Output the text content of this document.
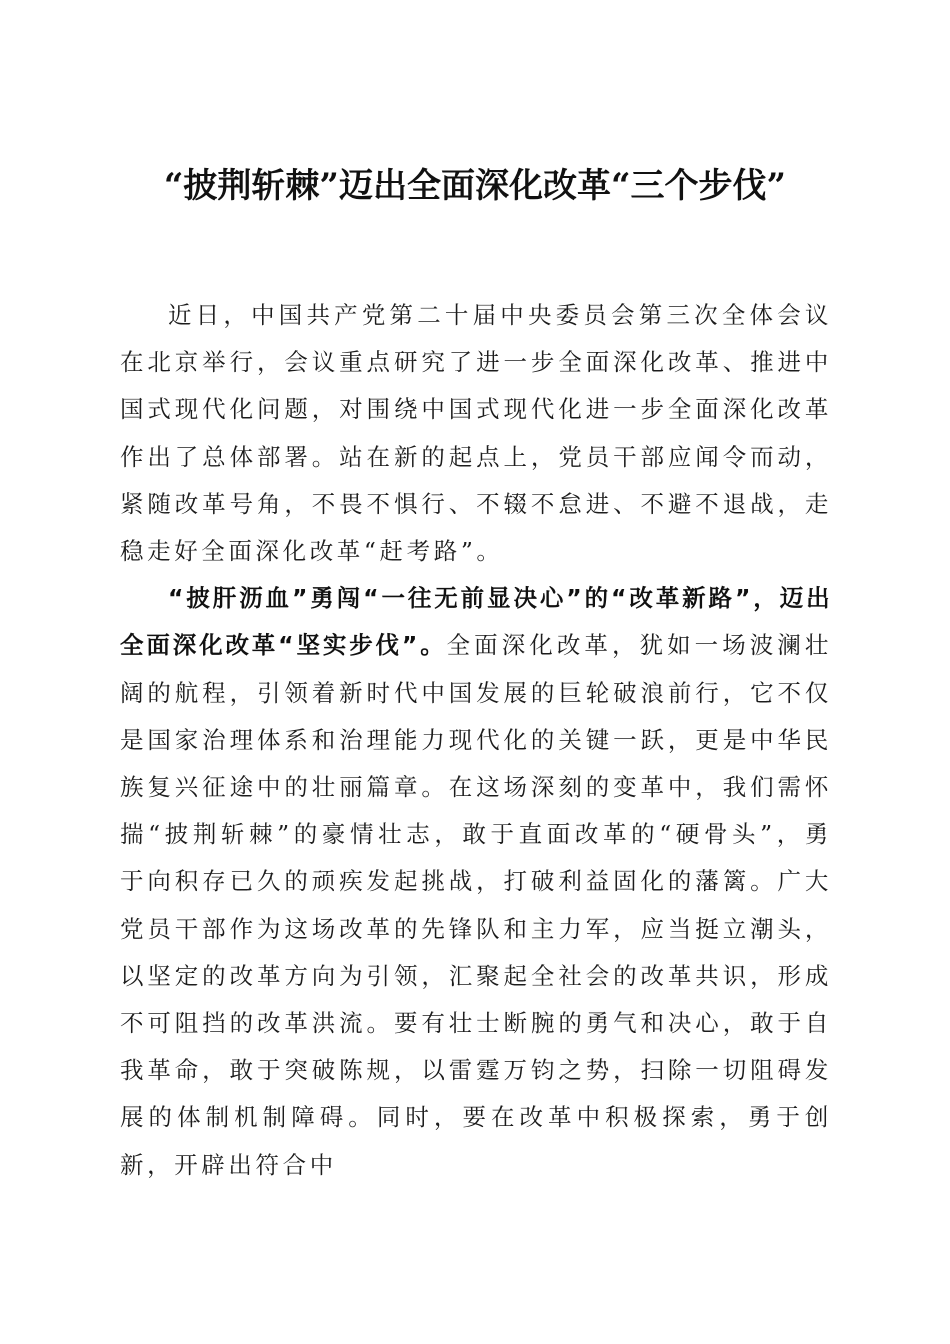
“披荆斩棘”迈出全面深化改革“三个步伐”

近日，中国共产党第二十届中央委员会第三次全体会议在北京举行，会议重点研究了进一步全面深化改革、推进中国式现代化问题，对围绕中国式现代化进一步全面深化改革作出了总体部署。站在新的起点上，党员干部应闻令而动，紧随改革号角，不畏不惧行、不辍不怠进、不避不退战，走稳走好全面深化改革“赶考路”。

“披肝沥血”勇闯“一往无前显决心”的“改革新路”，迈出全面深化改革“坚实步伐”。全面深化改革，犹如一场波澜壮阔的航程，引领着新时代中国发展的巨轮破浪前行，它不仅是国家治理体系和治理能力现代化的关键一跃，更是中华民族复兴征途中的壮丽篇章。在这场深刻的变革中，我们需怀揣“披荆斩棘”的豪情壮志，敢于直面改革的“硬骨头”，勇于向积存已久的顽疾发起挑战，打破利益固化的藩篱。广大党员干部作为这场改革的先锋队和主力军，应当挺立潮头，以坚定的改革方向为引领，汇聚起全社会的改革共识，形成不可阻挡的改革洪流。要有壮士断腕的勇气和决心，敢于自我革命，敢于突破陈规，以雷霆万钧之势，扫除一切阻碍发展的体制机制障碍。同时，要在改革中积极探索，勇于创新，开辟出符合中
